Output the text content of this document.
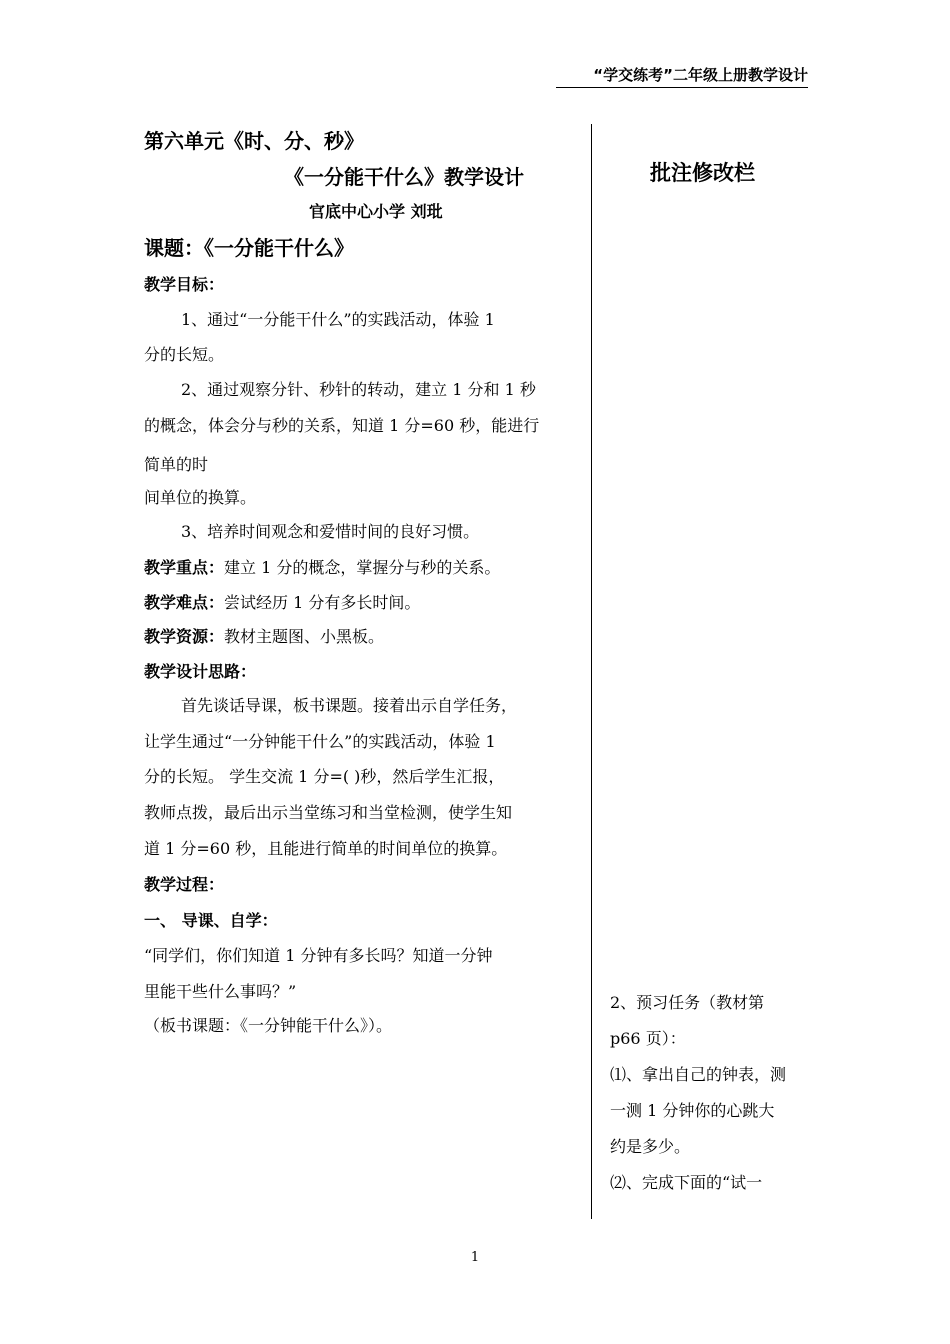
“学交练考”二年级上册教学设计
批注修改栏
第六单元《时、分、秒》
《一分能干什么》教学设计
官底中心小学 刘玭
课题：《一分能干什么》
教学目标：
1、通过“一分能干什么”的实践活动，体验 1
分的长短。
2、通过观察分针、秒针的转动，建立 1 分和 1 秒
的概念，体会分与秒的关系，知道 1 分=60 秒，能进行
简单的时
间单位的换算。
3、培养时间观念和爱惜时间的良好习惯。
教学重点：建立 1 分的概念，掌握分与秒的关系。
教学难点：尝试经历 1 分有多长时间。
教学资源：教材主题图、小黑板。
教学设计思路：
首先谈话导课，板书课题。接着出示自学任务，
让学生通过“一分钟能干什么”的实践活动，体验 1
分的长短。 学生交流 1 分=( )秒，然后学生汇报，
教师点拨，最后出示当堂练习和当堂检测，使学生知
道 1 分=60 秒，且能进行简单的时间单位的换算。
教学过程：
一、 导课、自学：
“同学们，你们知道 1 分钟有多长吗？知道一分钟
里能干些什么事吗？”
（板书课题：《一分钟能干什么》）。
2、预习任务（教材第
p66 页）：
⑴、拿出自己的钟表，测
一测 1 分钟你的心跳大
约是多少。
⑵、完成下面的“试一
1
